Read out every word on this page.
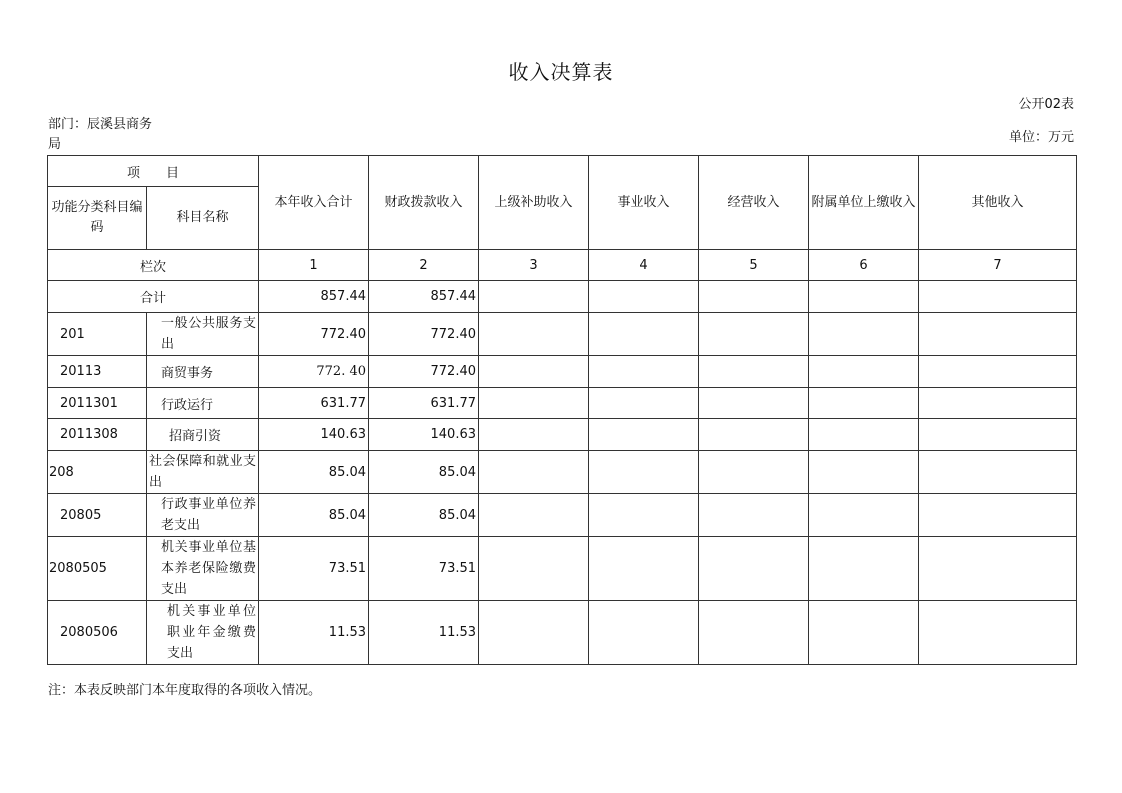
收入决算表
公开02表
部门：辰溪县商务局	单位：万元
项　　目		本年收入合计	财政拨款收入	上级补助收入	事业收入	经营收入	附属单位上缴收入	其他收入
功能分类科目编码	科目名称							
栏次		1	2	3	4	5	6	7
合计		857.44	857.44					
201	一般公共服务支出	772.40	772.40					
20113	商贸事务	772. 40	772.40					
2011301	行政运行	631.77	631.77					
2011308	招商引资	140.63	140.63					
208	社会保障和就业支出	85.04	85.04					
20805	行政事业单位养老支出	85.04	85.04					
2080505	机关事业单位基本养老保险缴费支出	73.51	73.51					
2080506	机关事业单位职业年金缴费支出	11.53	11.53					
注：本表反映部门本年度取得的各项收入情况。
